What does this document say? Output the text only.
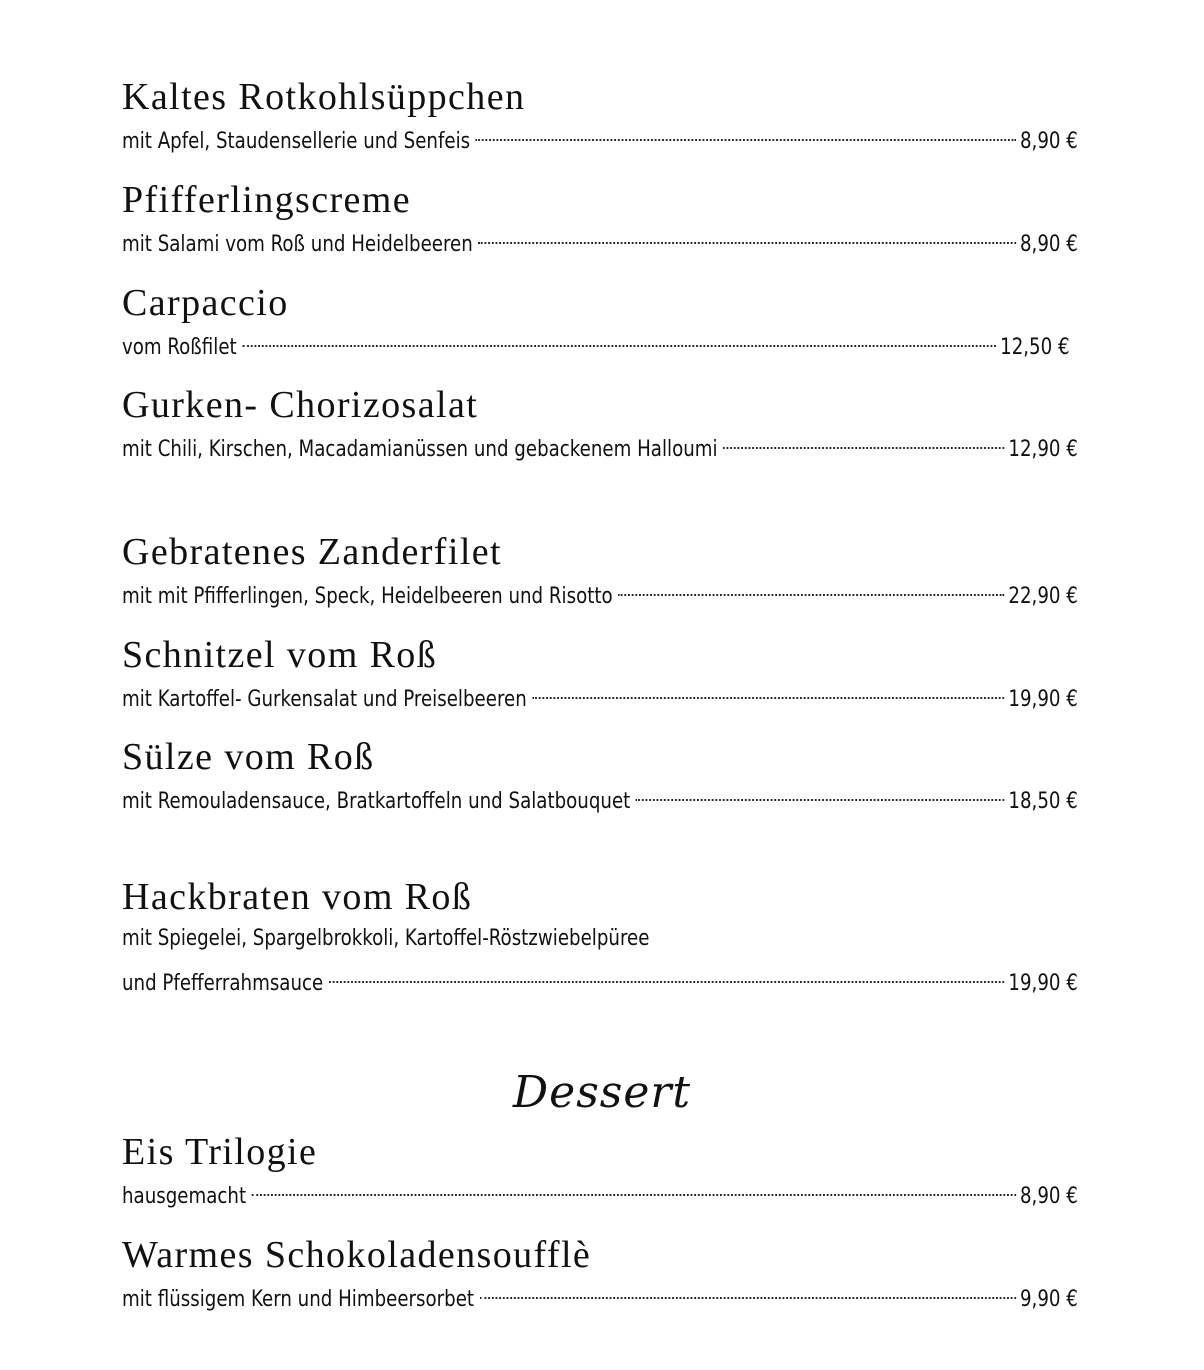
Kaltes Rotkohlsüppchen
mit Apfel, Staudensellerie und Senfeis	8,90 €
Pfifferlingscreme
mit Salami vom Roß und Heidelbeeren	8,90 €
Carpaccio
vom Roßfilet	12,50 €
Gurken- Chorizosalat
mit Chili, Kirschen, Macadamianüssen und gebackenem Halloumi	12,90 €
Gebratenes Zanderfilet
mit mit Pfifferlingen, Speck, Heidelbeeren und Risotto	22,90 €
Schnitzel vom Roß
mit Kartoffel- Gurkensalat und Preiselbeeren	19,90 €
Sülze vom Roß
mit Remouladensauce, Bratkartoffeln und Salatbouquet	18,50 €
Hackbraten vom Roß
mit Spiegelei, Spargelbrokkoli, Kartoffel-Röstzwiebelpüree
und Pfefferrahmsauce	19,90 €
Dessert
Eis Trilogie
hausgemacht	8,90 €
Warmes Schokoladensoufflè
mit flüssigem Kern und Himbeersorbet	9,90 €
